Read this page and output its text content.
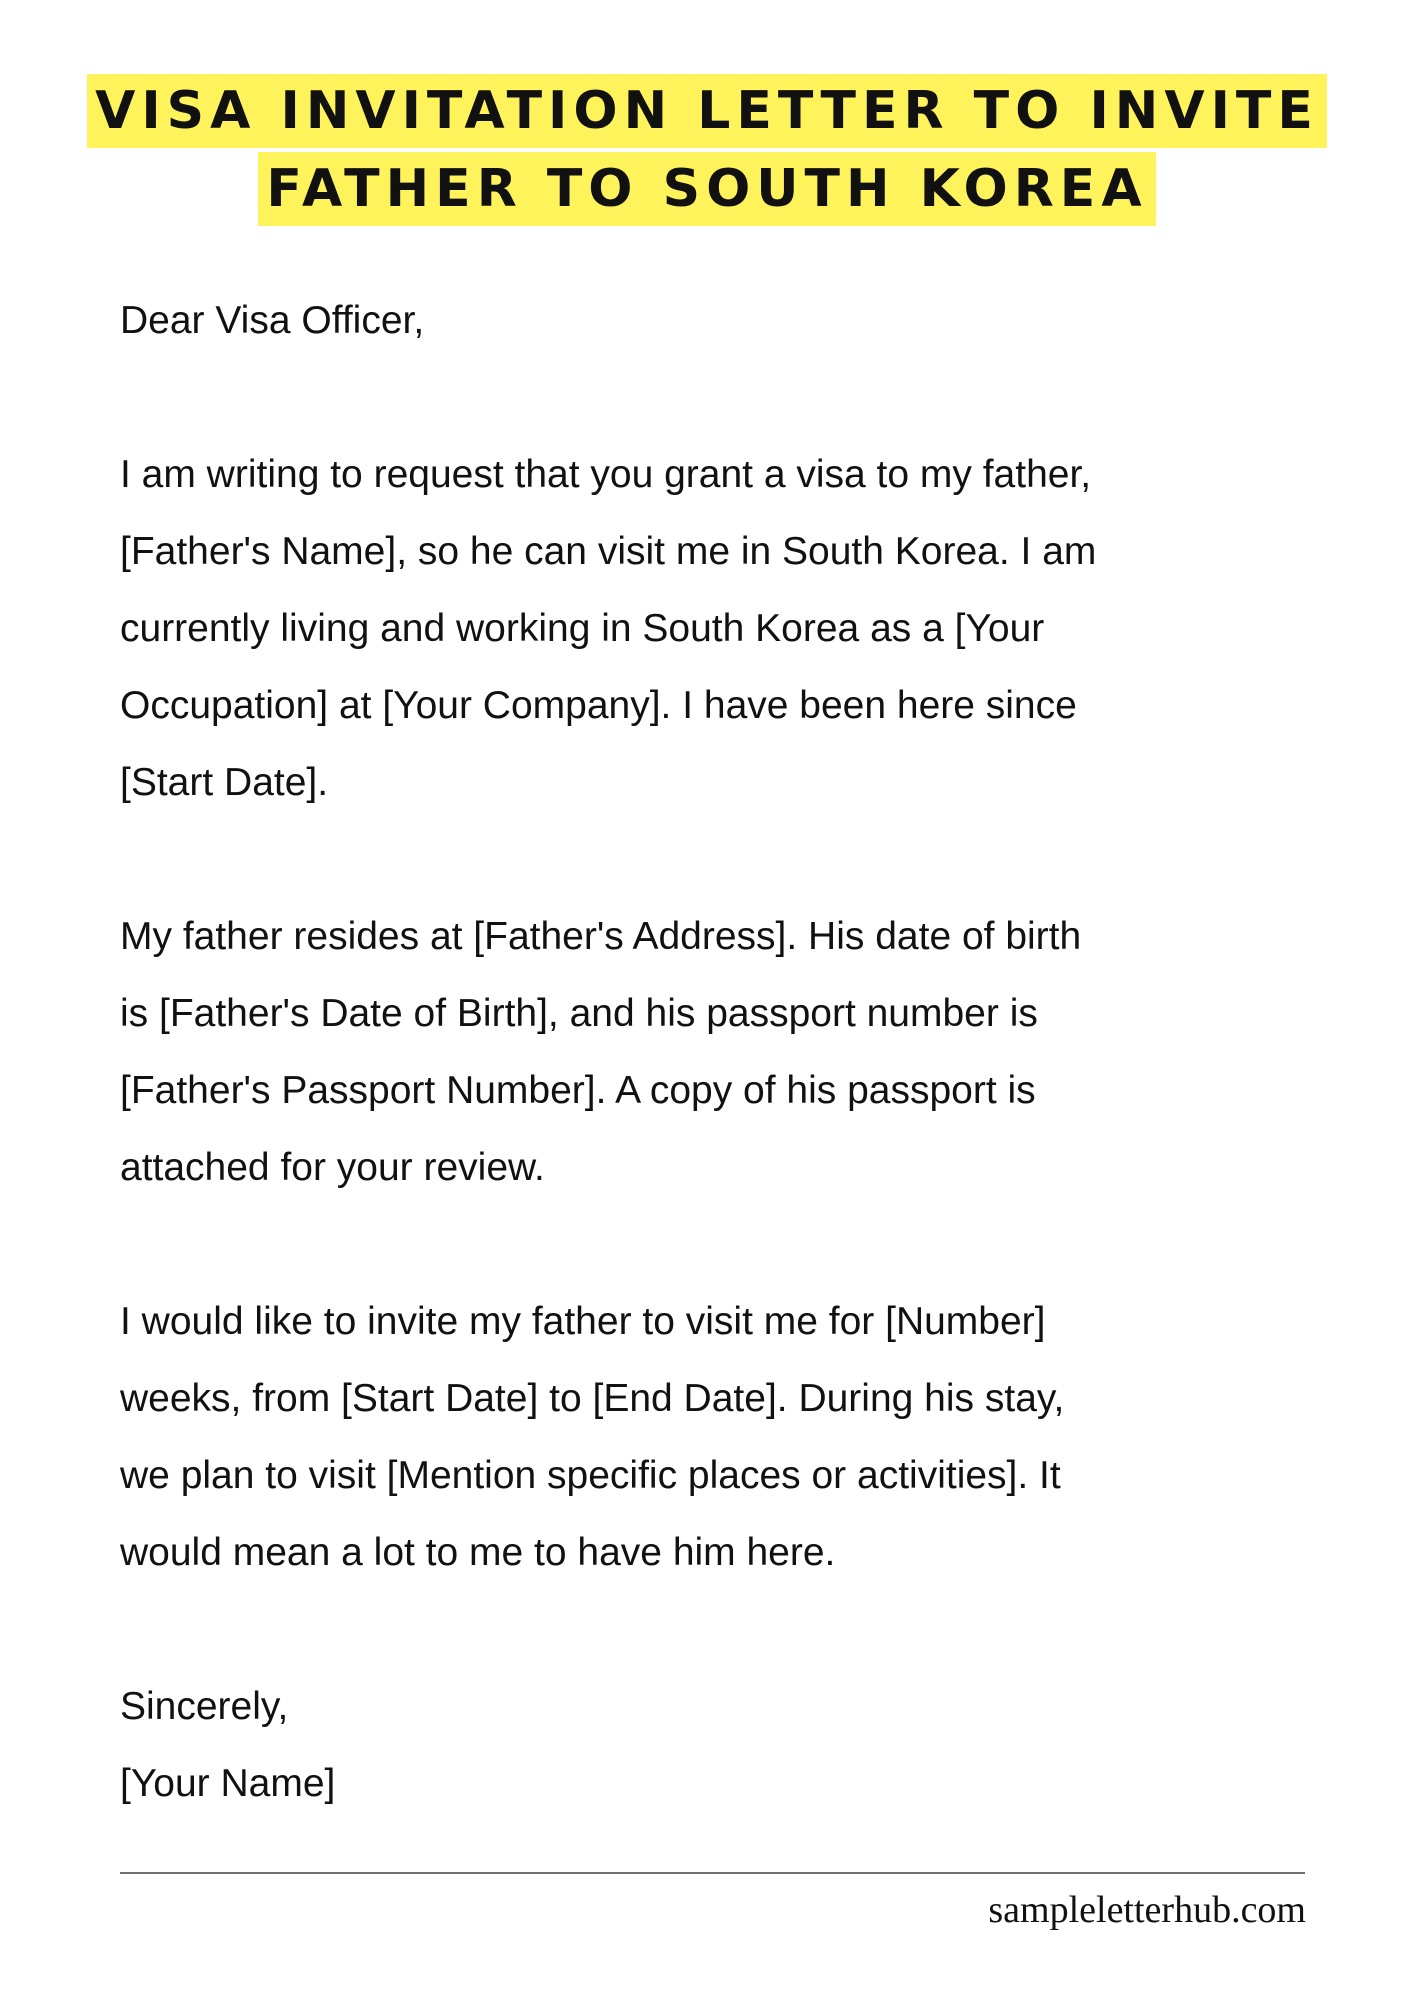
VISA INVITATION LETTER TO INVITE
FATHER TO SOUTH KOREA

Dear Visa Officer,

I am writing to request that you grant a visa to my father,
[Father's Name], so he can visit me in South Korea. I am
currently living and working in South Korea as a [Your
Occupation] at [Your Company]. I have been here since
[Start Date].

My father resides at [Father's Address]. His date of birth
is [Father's Date of Birth], and his passport number is
[Father's Passport Number]. A copy of his passport is
attached for your review.

I would like to invite my father to visit me for [Number]
weeks, from [Start Date] to [End Date]. During his stay,
we plan to visit [Mention specific places or activities]. It
would mean a lot to me to have him here.

Sincerely,
[Your Name]

sampleletterhub.com
